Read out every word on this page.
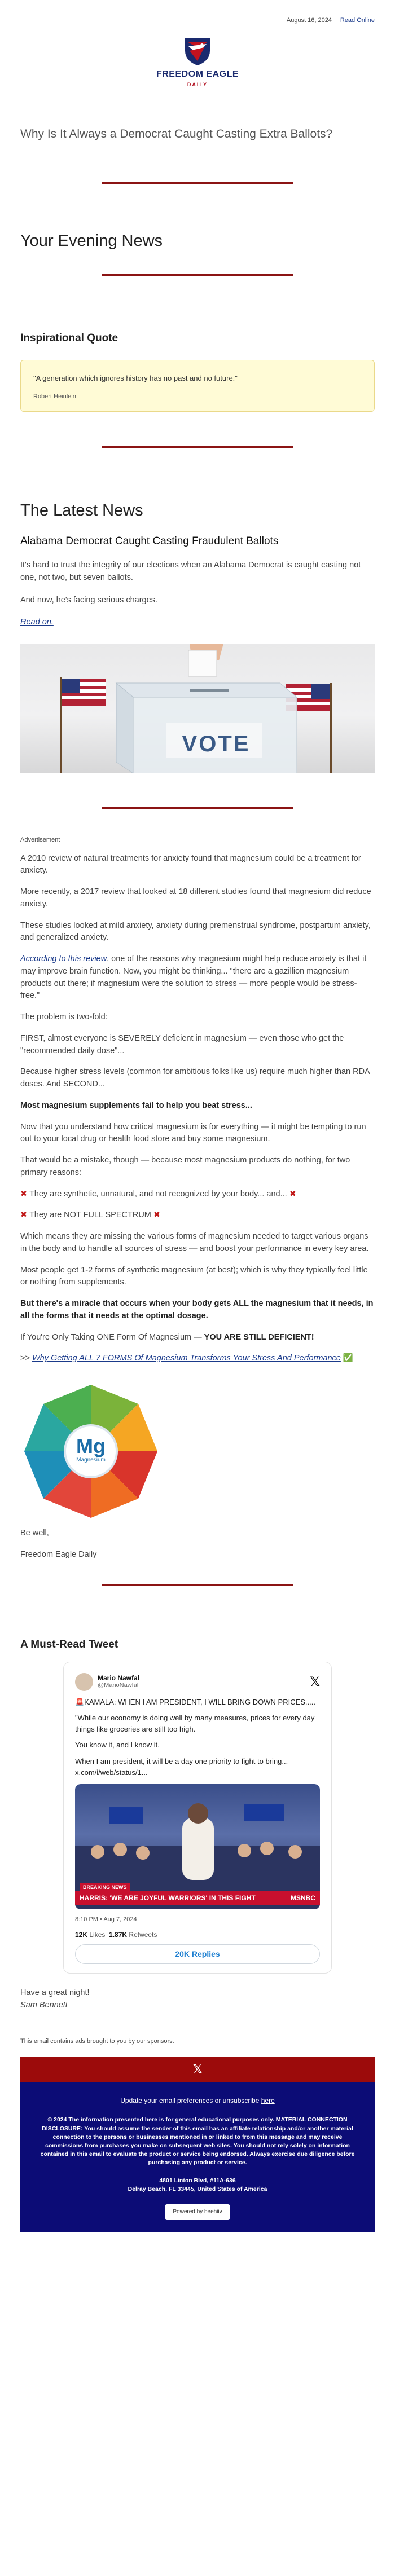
August 16, 2024 | Read Online
FREEDOM EAGLE
DAILY
Why Is It Always a Democrat Caught Casting Extra Ballots?
Your Evening News
Inspirational Quote
"A generation which ignores history has no past and no future."
Robert Heinlein
The Latest News
Alabama Democrat Caught Casting Fraudulent Ballots

It's hard to trust the integrity of our elections when an Alabama Democrat is caught casting not one, not two, but seven ballots.

And now, he's facing serious charges.

Read on.

VOTE
Advertisement

A 2010 review of natural treatments for anxiety found that magnesium could be a treatment for anxiety.

More recently, a 2017 review that looked at 18 different studies found that magnesium did reduce anxiety.

These studies looked at mild anxiety, anxiety during premenstrual syndrome, postpartum anxiety, and generalized anxiety.

According to this review, one of the reasons why magnesium might help reduce anxiety is that it may improve brain function. Now, you might be thinking... "there are a gazillion magnesium products out there; if magnesium were the solution to stress — more people would be stress-free."

The problem is two-fold:

FIRST, almost everyone is SEVERELY deficient in magnesium — even those who get the "recommended daily dose"...

Because higher stress levels (common for ambitious folks like us) require much higher than RDA doses. And SECOND...

Most magnesium supplements fail to help you beat stress...

Now that you understand how critical magnesium is for everything — it might be tempting to run out to your local drug or health food store and buy some magnesium.

That would be a mistake, though — because most magnesium products do nothing, for two primary reasons:

✖ They are synthetic, unnatural, and not recognized by your body... and... ✖

✖ They are NOT FULL SPECTRUM ✖

Which means they are missing the various forms of magnesium needed to target various organs in the body and to handle all sources of stress — and boost your performance in every key area.

Most people get 1-2 forms of synthetic magnesium (at best); which is why they typically feel little or nothing from supplements.

But there's a miracle that occurs when your body gets ALL the magnesium that it needs, in all the forms that it needs at the optimal dosage.

If You're Only Taking ONE Form Of Magnesium — YOU ARE STILL DEFICIENT!

>> Why Getting ALL 7 FORMS Of Magnesium Transforms Your Stress And Performance ✅

Mg
Magnesium

Be well,

Freedom Eagle Daily

A Must-Read Tweet
Mario Nawfal
@MarioNawfal	𝕏
🚨KAMALA: WHEN I AM PRESIDENT, I WILL BRING DOWN PRICES.....
"While our economy is doing well by many measures, prices for every day things like groceries are still too high.
You know it, and I know it.
When I am president, it will be a day one priority to fight to bring...
x.com/i/web/status/1...
BREAKING NEWS
HARRIS: 'WE ARE JOYFUL WARRIORS' IN THIS FIGHT	MSNBC
8:10 PM • Aug 7, 2024
12K Likes 1.87K Retweets
20K Replies

Have a great night!

Sam Bennett

This email contains ads brought to you by our sponsors.
𝕏
Update your email preferences or unsubscribe here
© 2024 The information presented here is for general educational purposes only. MATERIAL CONNECTION DISCLOSURE: You should assume the sender of this email has an affiliate relationship and/or another material connection to the persons or businesses mentioned in or linked to from this message and may receive commissions from purchases you make on subsequent web sites. You should not rely solely on information contained in this email to evaluate the product or service being endorsed. Always exercise due diligence before purchasing any product or service.
4801 Linton Blvd, #11A-636
Delray Beach, FL 33445, United States of America
Powered by beehiiv
